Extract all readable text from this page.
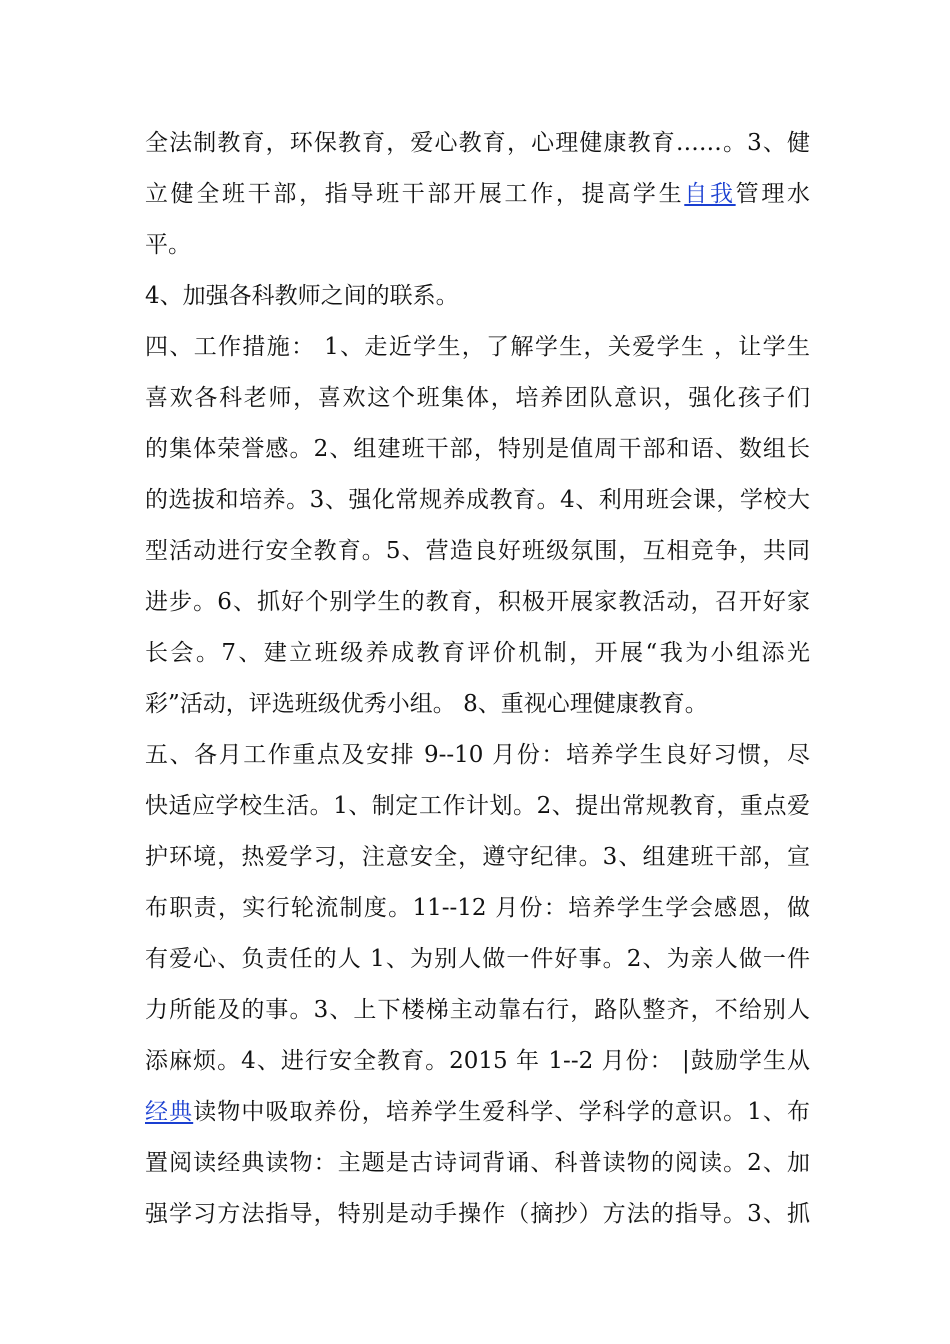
全法制教育，环保教育，爱心教育，心理健康教育……。3、健
立健全班干部，指导班干部开展工作，提高学生自我管理水
平。
4、加强各科教师之间的联系。
四、工作措施： 1、走近学生，了解学生，关爱学生 ，让学生
喜欢各科老师，喜欢这个班集体，培养团队意识，强化孩子们
的集体荣誉感。2、组建班干部，特别是值周干部和语、数组长
的选拔和培养。3、强化常规养成教育。4、利用班会课，学校大
型活动进行安全教育。5、营造良好班级氛围，互相竞争，共同
进步。6、抓好个别学生的教育，积极开展家教活动，召开好家
长会。7、建立班级养成教育评价机制，开展“我为小组添光
彩”活动，评选班级优秀小组。 8、重视心理健康教育。
五、各月工作重点及安排 9--10 月份：培养学生良好习惯，尽
快适应学校生活。1、制定工作计划。2、提出常规教育，重点爱
护环境，热爱学习，注意安全，遵守纪律。3、组建班干部，宣
布职责，实行轮流制度。11--12 月份：培养学生学会感恩，做
有爱心、负责任的人 1、为别人做一件好事。2、为亲人做一件
力所能及的事。3、上下楼梯主动靠右行，路队整齐，不给别人
添麻烦。4、进行安全教育。2015 年 1--2 月份： |鼓励学生从
经典读物中吸取养份，培养学生爱科学、学科学的意识。1、布
置阅读经典读物：主题是古诗词背诵、科普读物的阅读。2、加
强学习方法指导，特别是动手操作（摘抄）方法的指导。3、抓
